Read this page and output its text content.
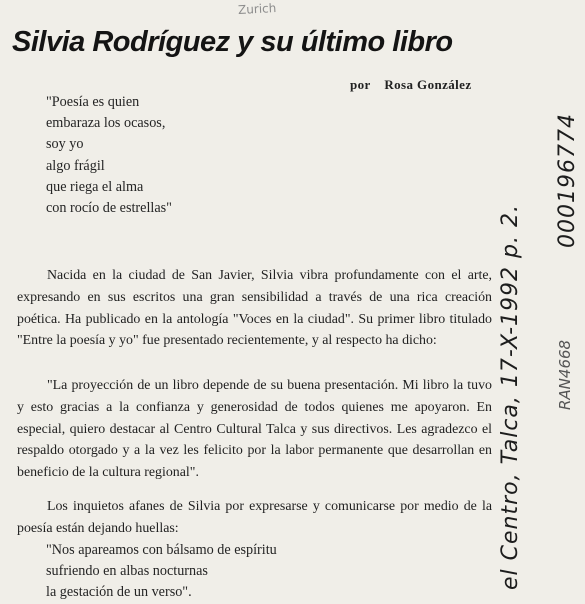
Zurich
Silvia Rodríguez y su último libro
por Rosa González
"Poesía es quien
embaraza los ocasos,
soy yo
algo frágil
que riega el alma
con rocío de estrellas"

Nacida en la ciudad de San Javier, Silvia vibra profundamente con el arte, expresando en sus escritos una gran sensibilidad a través de una rica creación poética. Ha publicado en la antología "Voces en la ciudad". Su primer libro titulado "Entre la poesía y yo" fue presentado recientemente, y al respecto ha dicho:

"La proyección de un libro depende de su buena presentación. Mi libro la tuvo y esto gracias a la confianza y generosidad de todos quienes me apoyaron. En especial, quiero destacar al Centro Cultural Talca y sus directivos. Les agradezco el respaldo otorgado y a la vez les felicito por la labor permanente que desarrollan en beneficio de la cultura regional".

Los inquietos afanes de Silvia por expresarse y comunicarse por medio de la poesía están dejando huellas:

"Nos apareamos con bálsamo de espíritu
sufriendo en albas nocturnas
la gestación de un verso".
el Centro, Talca, 17-X-1992 p. 2.
000196774
RAN4668
